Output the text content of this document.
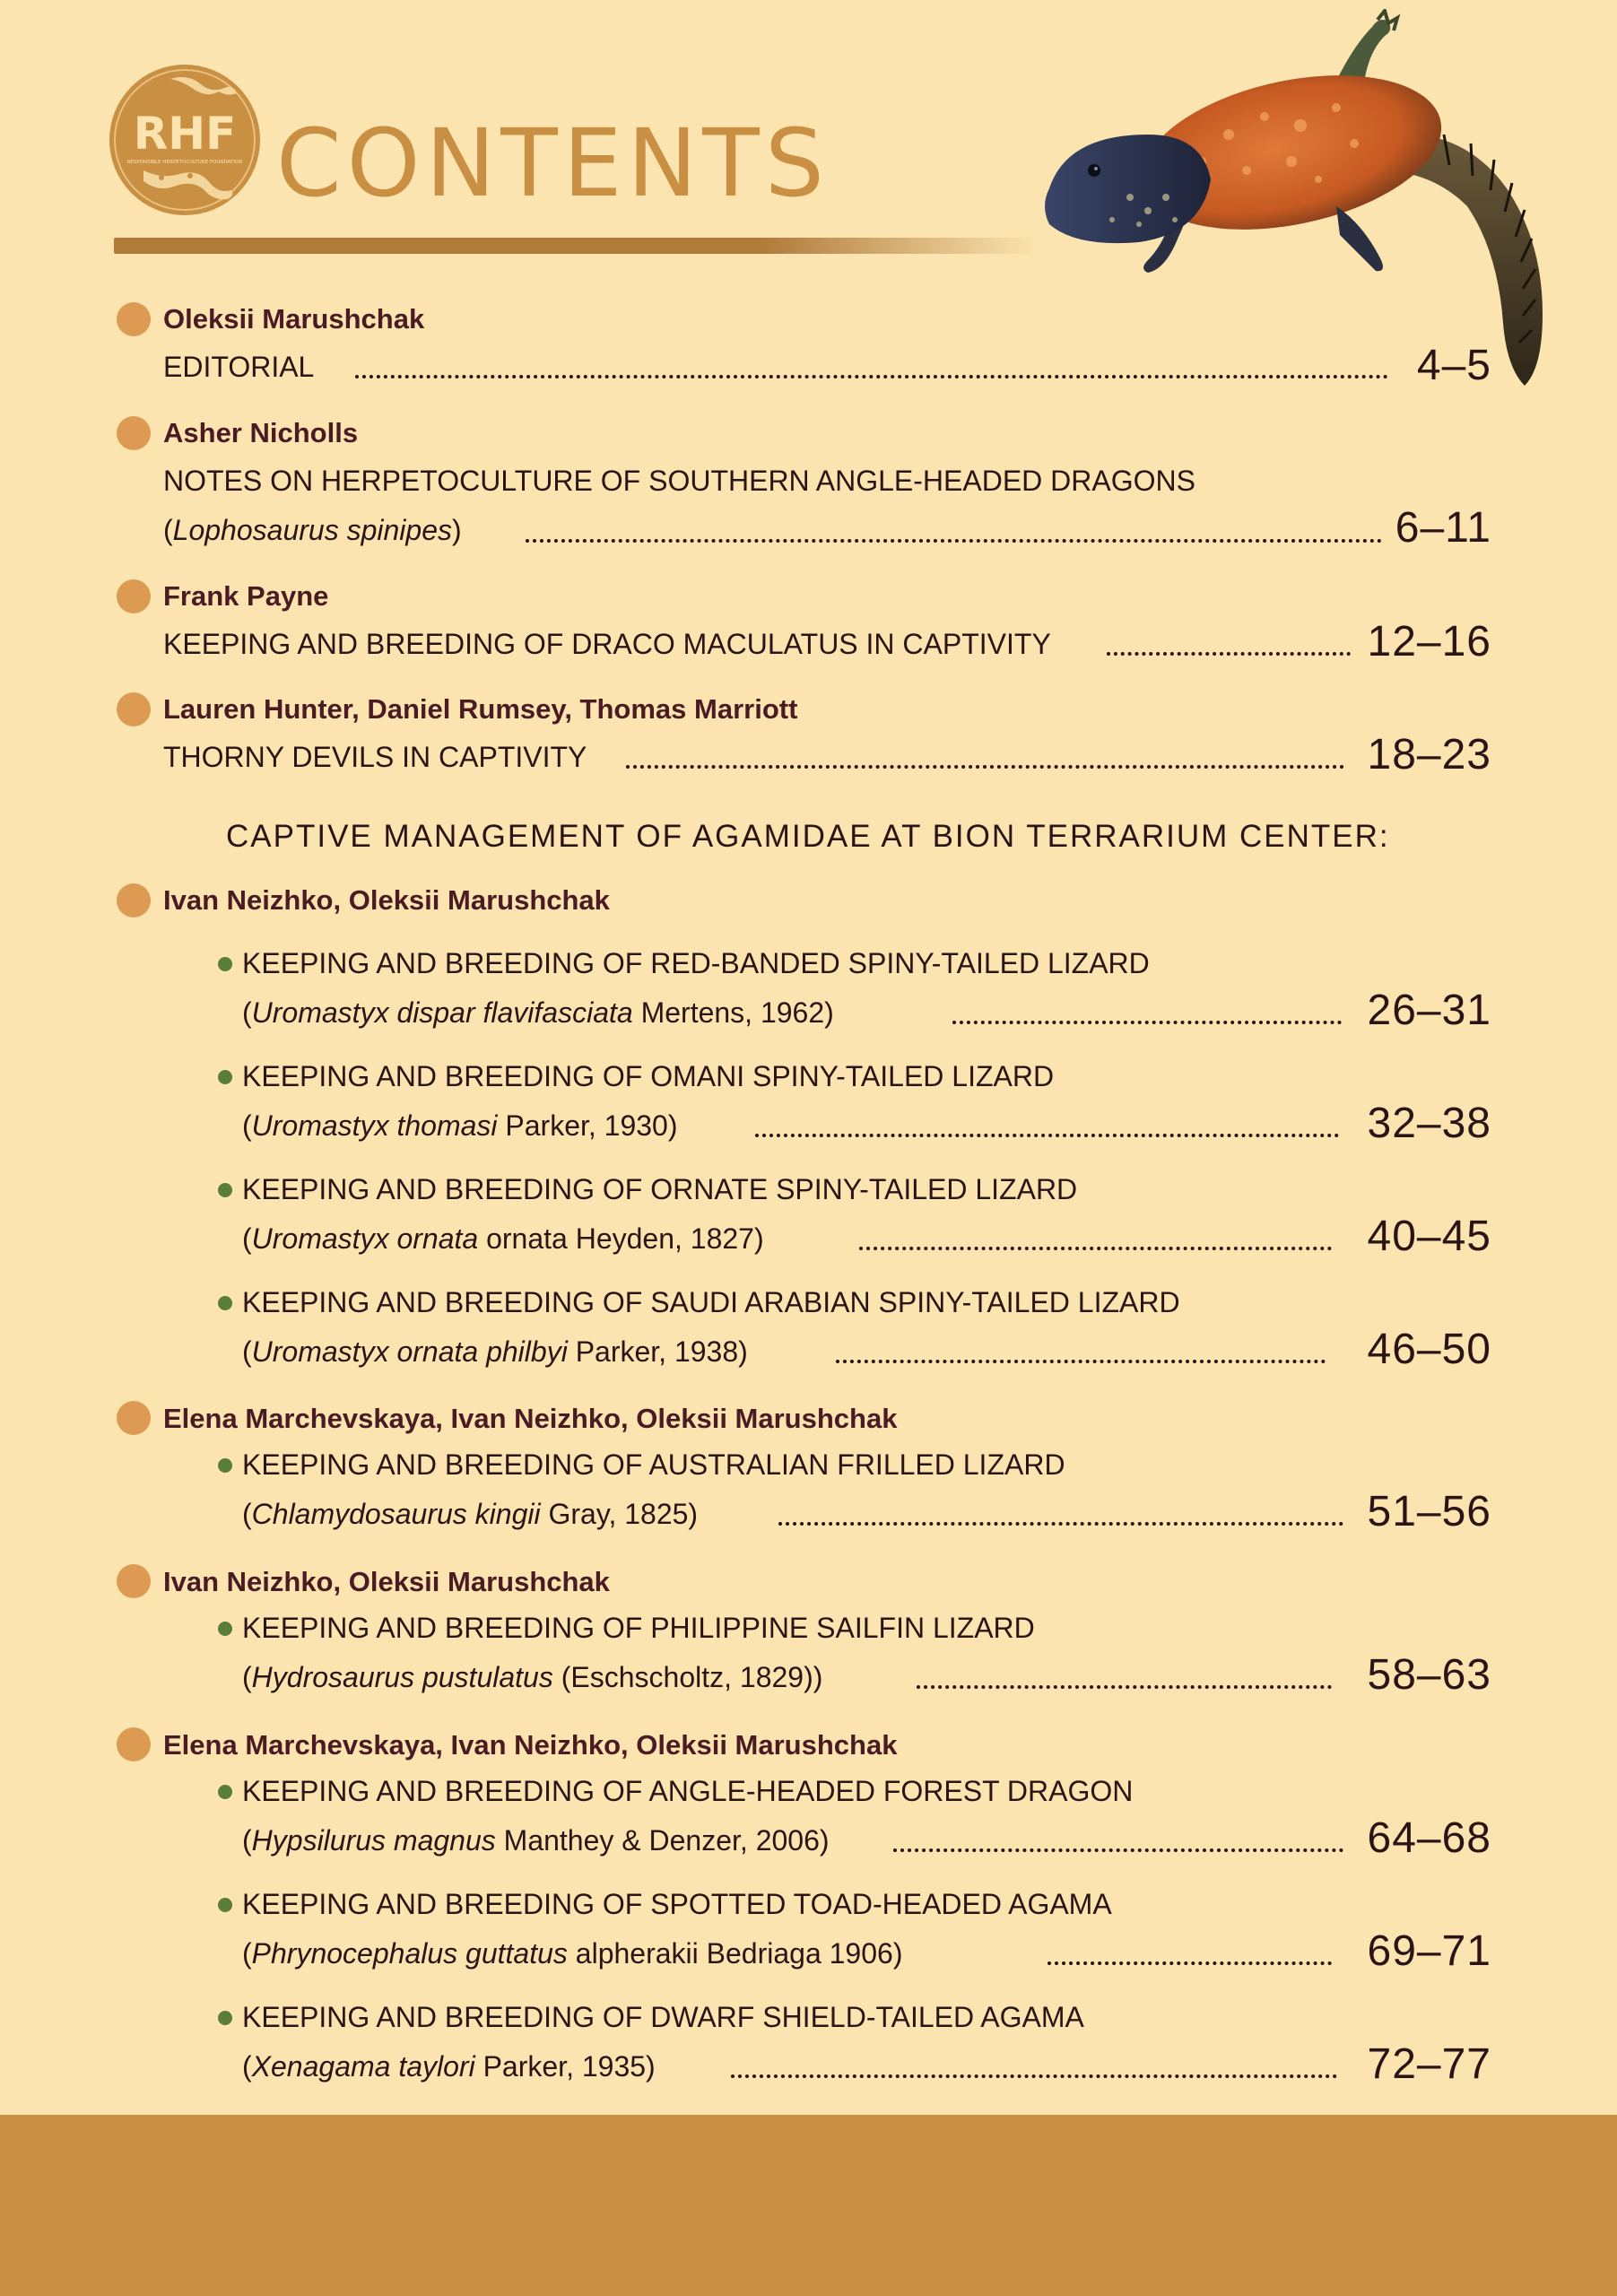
RHF
RESPONSIBLE HERPETOCULTURE FOUNDATION CONTENTS
Oleksii Marushchak
EDITORIAL	4–5
Asher Nicholls
NOTES ON HERPETOCULTURE OF SOUTHERN ANGLE-HEADED DRAGONS
(Lophosaurus spinipes)	6–11
Frank Payne
KEEPING AND BREEDING OF DRACO MACULATUS IN CAPTIVITY	12–16
Lauren Hunter, Daniel Rumsey, Thomas Marriott
THORNY DEVILS IN CAPTIVITY	18–23
CAPTIVE MANAGEMENT OF AGAMIDAE AT BION TERRARIUM CENTER:
Ivan Neizhko, Oleksii Marushchak
KEEPING AND BREEDING OF RED-BANDED SPINY-TAILED LIZARD
(Uromastyx dispar flavifasciata Mertens, 1962)	26–31
KEEPING AND BREEDING OF OMANI SPINY-TAILED LIZARD
(Uromastyx thomasi Parker, 1930)	32–38
KEEPING AND BREEDING OF ORNATE SPINY-TAILED LIZARD
(Uromastyx ornata ornata Heyden, 1827)	40–45
KEEPING AND BREEDING OF SAUDI ARABIAN SPINY-TAILED LIZARD
(Uromastyx ornata philbyi Parker, 1938)	46–50
Elena Marchevskaya, Ivan Neizhko, Oleksii Marushchak
KEEPING AND BREEDING OF AUSTRALIAN FRILLED LIZARD
(Chlamydosaurus kingii Gray, 1825)	51–56
Ivan Neizhko, Oleksii Marushchak
KEEPING AND BREEDING OF PHILIPPINE SAILFIN LIZARD
(Hydrosaurus pustulatus (Eschscholtz, 1829))	58–63
Elena Marchevskaya, Ivan Neizhko, Oleksii Marushchak
KEEPING AND BREEDING OF ANGLE-HEADED FOREST DRAGON
(Hypsilurus magnus Manthey & Denzer, 2006)	64–68
KEEPING AND BREEDING OF SPOTTED TOAD-HEADED AGAMA
(Phrynocephalus guttatus alpherakii Bedriaga 1906)	69–71
KEEPING AND BREEDING OF DWARF SHIELD-TAILED AGAMA
(Xenagama taylori Parker, 1935)	72–77
